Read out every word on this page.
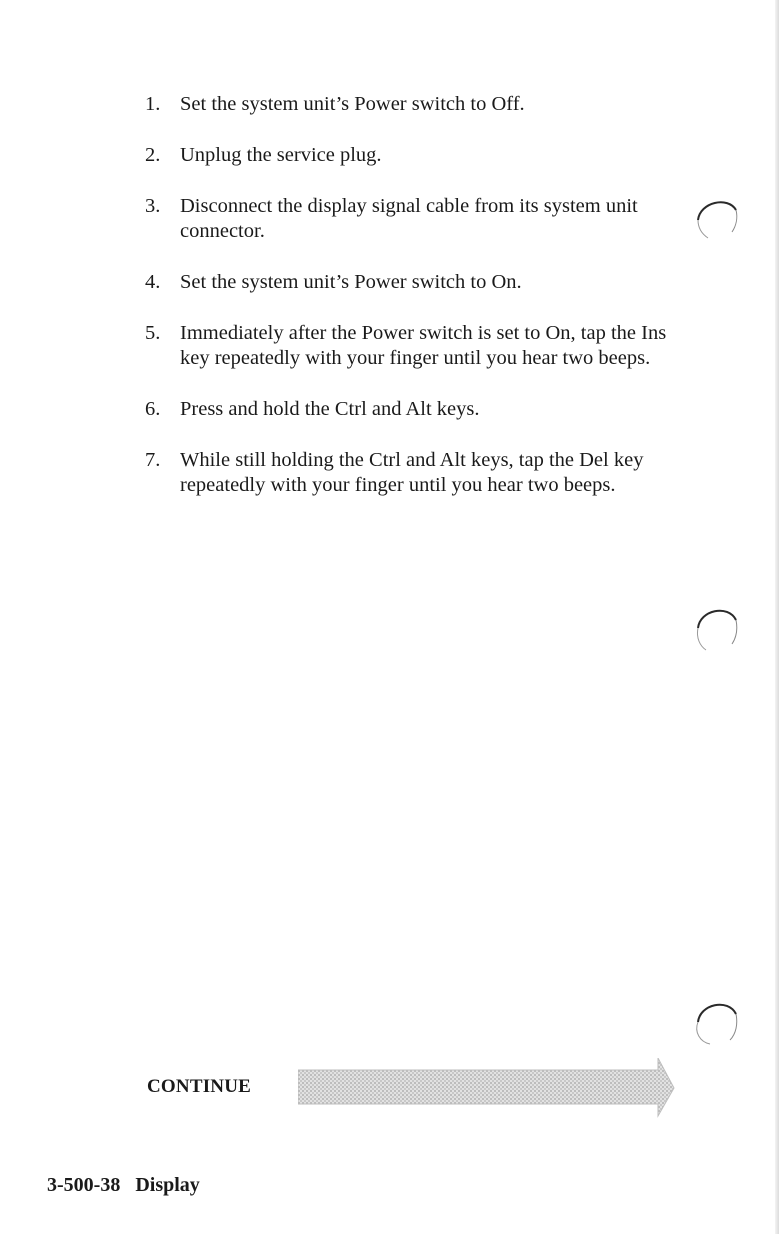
1. Set the system unit’s Power switch to Off.
2. Unplug the service plug.
3. Disconnect the display signal cable from its system unit connector.
4. Set the system unit’s Power switch to On.
5. Immediately after the Power switch is set to On, tap the Ins key repeatedly with your finger until you hear two beeps.
6. Press and hold the Ctrl and Alt keys.
7. While still holding the Ctrl and Alt keys, tap the Del key repeatedly with your finger until you hear two beeps.
CONTINUE
3-500-38 Display
